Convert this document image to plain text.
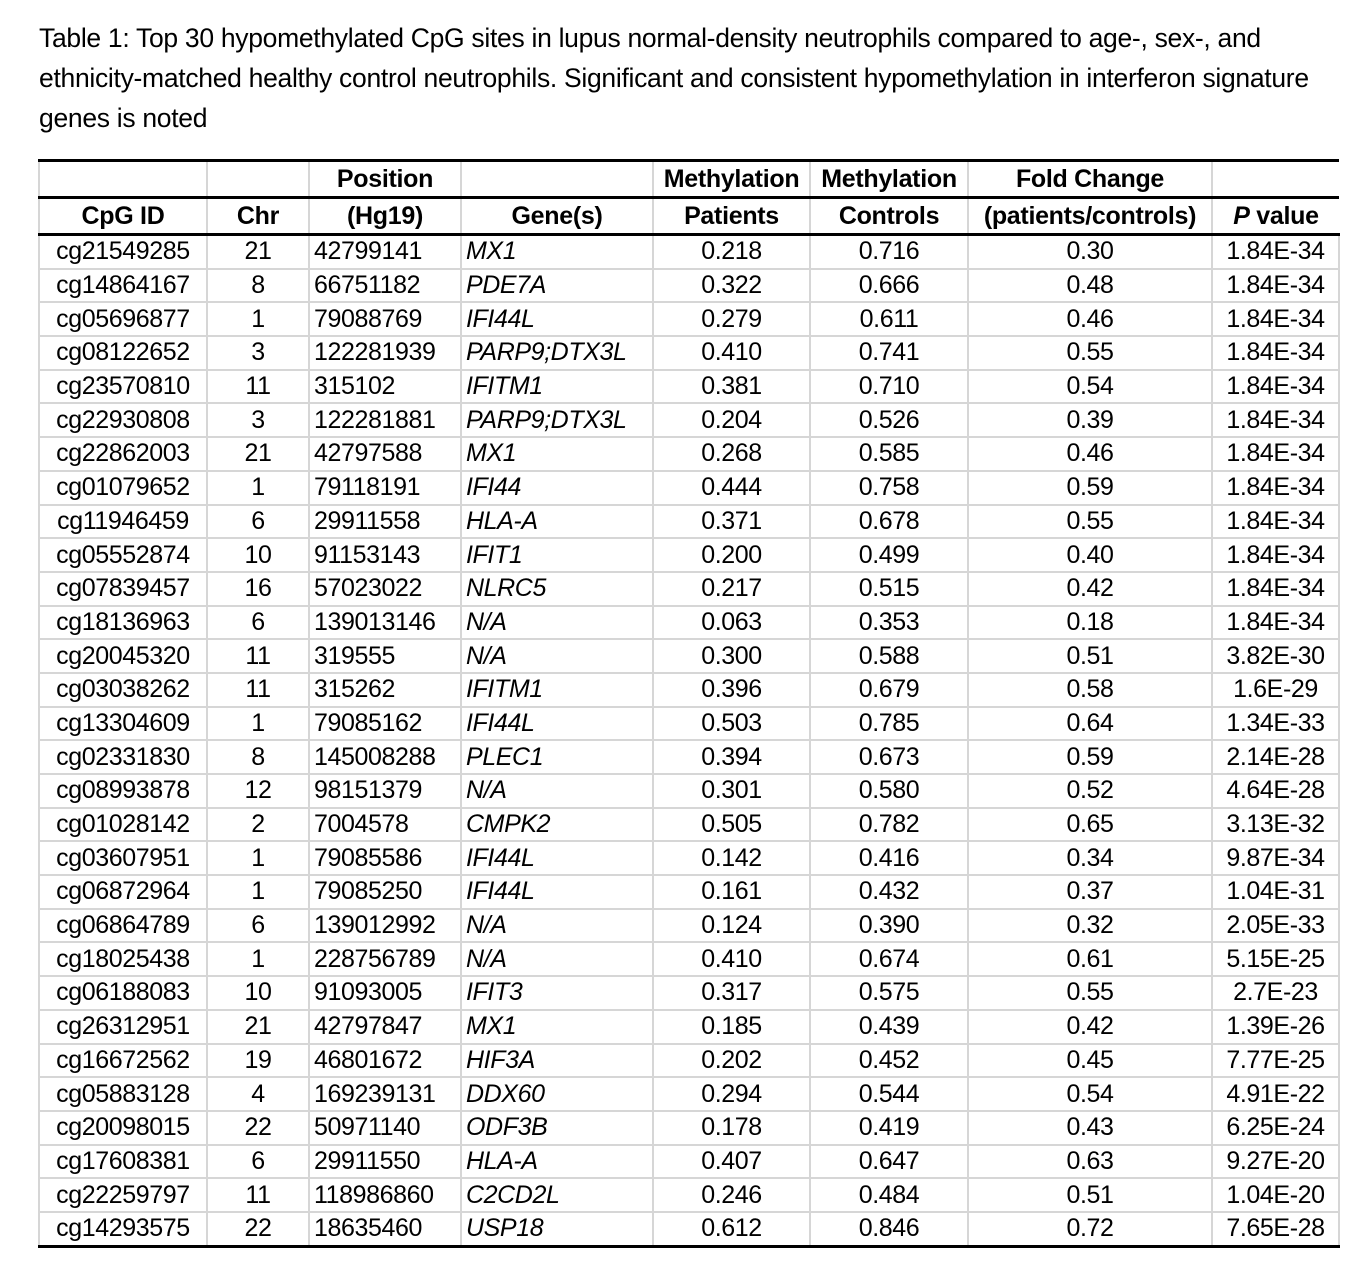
Table 1: Top 30 hypomethylated CpG sites in lupus normal-density neutrophils compared to age-, sex-, and ethnicity-matched healthy control neutrophils. Significant and consistent hypomethylation in interferon signature genes is noted
		Position		Methylation	Methylation	Fold Change	
CpG ID	Chr	(Hg19)	Gene(s)	Patients	Controls	(patients/controls)	P value
cg21549285	21	42799141	MX1	0.218	0.716	0.30	1.84E-34
cg14864167	8	66751182	PDE7A	0.322	0.666	0.48	1.84E-34
cg05696877	1	79088769	IFI44L	0.279	0.611	0.46	1.84E-34
cg08122652	3	122281939	PARP9;DTX3L	0.410	0.741	0.55	1.84E-34
cg23570810	11	315102	IFITM1	0.381	0.710	0.54	1.84E-34
cg22930808	3	122281881	PARP9;DTX3L	0.204	0.526	0.39	1.84E-34
cg22862003	21	42797588	MX1	0.268	0.585	0.46	1.84E-34
cg01079652	1	79118191	IFI44	0.444	0.758	0.59	1.84E-34
cg11946459	6	29911558	HLA-A	0.371	0.678	0.55	1.84E-34
cg05552874	10	91153143	IFIT1	0.200	0.499	0.40	1.84E-34
cg07839457	16	57023022	NLRC5	0.217	0.515	0.42	1.84E-34
cg18136963	6	139013146	N/A	0.063	0.353	0.18	1.84E-34
cg20045320	11	319555	N/A	0.300	0.588	0.51	3.82E-30
cg03038262	11	315262	IFITM1	0.396	0.679	0.58	1.6E-29
cg13304609	1	79085162	IFI44L	0.503	0.785	0.64	1.34E-33
cg02331830	8	145008288	PLEC1	0.394	0.673	0.59	2.14E-28
cg08993878	12	98151379	N/A	0.301	0.580	0.52	4.64E-28
cg01028142	2	7004578	CMPK2	0.505	0.782	0.65	3.13E-32
cg03607951	1	79085586	IFI44L	0.142	0.416	0.34	9.87E-34
cg06872964	1	79085250	IFI44L	0.161	0.432	0.37	1.04E-31
cg06864789	6	139012992	N/A	0.124	0.390	0.32	2.05E-33
cg18025438	1	228756789	N/A	0.410	0.674	0.61	5.15E-25
cg06188083	10	91093005	IFIT3	0.317	0.575	0.55	2.7E-23
cg26312951	21	42797847	MX1	0.185	0.439	0.42	1.39E-26
cg16672562	19	46801672	HIF3A	0.202	0.452	0.45	7.77E-25
cg05883128	4	169239131	DDX60	0.294	0.544	0.54	4.91E-22
cg20098015	22	50971140	ODF3B	0.178	0.419	0.43	6.25E-24
cg17608381	6	29911550	HLA-A	0.407	0.647	0.63	9.27E-20
cg22259797	11	118986860	C2CD2L	0.246	0.484	0.51	1.04E-20
cg14293575	22	18635460	USP18	0.612	0.846	0.72	7.65E-28
